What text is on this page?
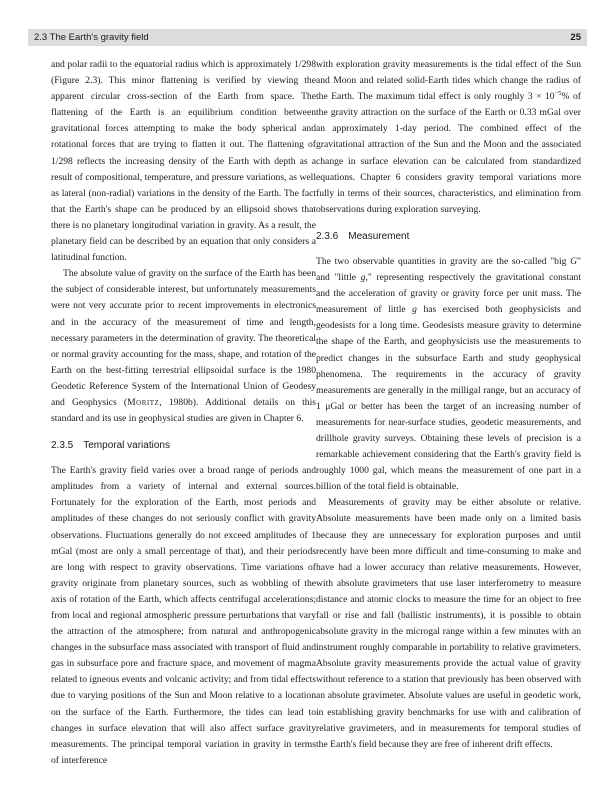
2.3 The Earth's gravity field	25

and polar radii to the equatorial radius which is approximately 1/298 (Figure 2.3). This minor flattening is verified by viewing the apparent circular cross-section of the Earth from space. The flattening of the Earth is an equilibrium condition between gravitational forces attempting to make the body spherical and rotational forces that are trying to flatten it out. The flattening of 1/298 reflects the increasing density of the Earth with depth as a result of compositional, temperature, and pressure variations, as well as lateral (non-radial) variations in the density of the Earth. The fact that the Earth's shape can be produced by an ellipsoid shows that there is no planetary longitudinal variation in gravity. As a result, the planetary field can be described by an equation that only considers a latitudinal function.

The absolute value of gravity on the surface of the Earth has been the subject of considerable interest, but unfortunately measurements were not very accurate prior to recent improvements in electronics and in the accuracy of the measurement of time and length, necessary parameters in the determination of gravity. The theoretical or normal gravity accounting for the mass, shape, and rotation of the Earth on the best-fitting terrestrial ellipsoidal surface is the 1980 Geodetic Reference System of the International Union of Geodesy and Geophysics (Moritz, 1980b). Additional details on this standard and its use in geophysical studies are given in Chapter 6.

2.3.5 Temporal variations

The Earth's gravity field varies over a broad range of periods and amplitudes from a variety of internal and external sources. Fortunately for the exploration of the Earth, most periods and amplitudes of these changes do not seriously conflict with gravity observations. Fluctuations generally do not exceed amplitudes of 1 mGal (most are only a small percentage of that), and their periods are long with respect to gravity observations. Time variations of gravity originate from planetary sources, such as wobbling of the axis of rotation of the Earth, which affects centrifugal accelerations; from local and regional atmospheric pressure perturbations that vary the attraction of the atmosphere; from natural and anthropogenic changes in the subsurface mass associated with transport of fluid and gas in subsurface pore and fracture space, and movement of magma related to igneous events and volcanic activity; and from tidal effects due to varying positions of the Sun and Moon relative to a location on the surface of the Earth. Furthermore, the tides can lead to changes in surface elevation that will also affect surface gravity measurements. The principal temporal variation in gravity in terms of interference

with exploration gravity measurements is the tidal effect of the Sun and Moon and related solid-Earth tides which change the radius of the Earth. The maximum tidal effect is only roughly $3 \times 10^{-5}\%$ of the gravity attraction on the surface of the Earth or 0.33 mGal over an approximately 1-day period. The combined effect of the gravitational attraction of the Sun and the Moon and the associated change in surface elevation can be calculated from standardized equations. Chapter 6 considers gravity temporal variations more fully in terms of their sources, characteristics, and elimination from observations during exploration surveying.

2.3.6 Measurement

The two observable quantities in gravity are the so-called "big G" and "little g," representing respectively the gravitational constant and the acceleration of gravity or gravity force per unit mass. The measurement of little g has exercised both geophysicists and geodesists for a long time. Geodesists measure gravity to determine the shape of the Earth, and geophysicists use the measurements to predict changes in the subsurface Earth and study geophysical phenomena. The requirements in the accuracy of gravity measurements are generally in the milligal range, but an accuracy of 1 μGal or better has been the target of an increasing number of measurements for near-surface studies, geodetic measurements, and drillhole gravity surveys. Obtaining these levels of precision is a remarkable achievement considering that the Earth's gravity field is roughly 1000 gal, which means the measurement of one part in a billion of the total field is obtainable.

Measurements of gravity may be either absolute or relative. Absolute measurements have been made only on a limited basis because they are unnecessary for exploration purposes and until recently have been more difficult and time-consuming to make and have had a lower accuracy than relative measurements. However, with absolute gravimeters that use laser interferometry to measure distance and atomic clocks to measure the time for an object to free fall or rise and fall (ballistic instruments), it is possible to obtain absolute gravity in the microgal range within a few minutes with an instrument roughly comparable in portability to relative gravimeters. Absolute gravity measurements provide the actual value of gravity without reference to a station that previously has been observed with an absolute gravimeter. Absolute values are useful in geodetic work, in establishing gravity benchmarks for use with and calibration of relative gravimeters, and in measurements for temporal studies of the Earth's field because they are free of inherent drift effects.
